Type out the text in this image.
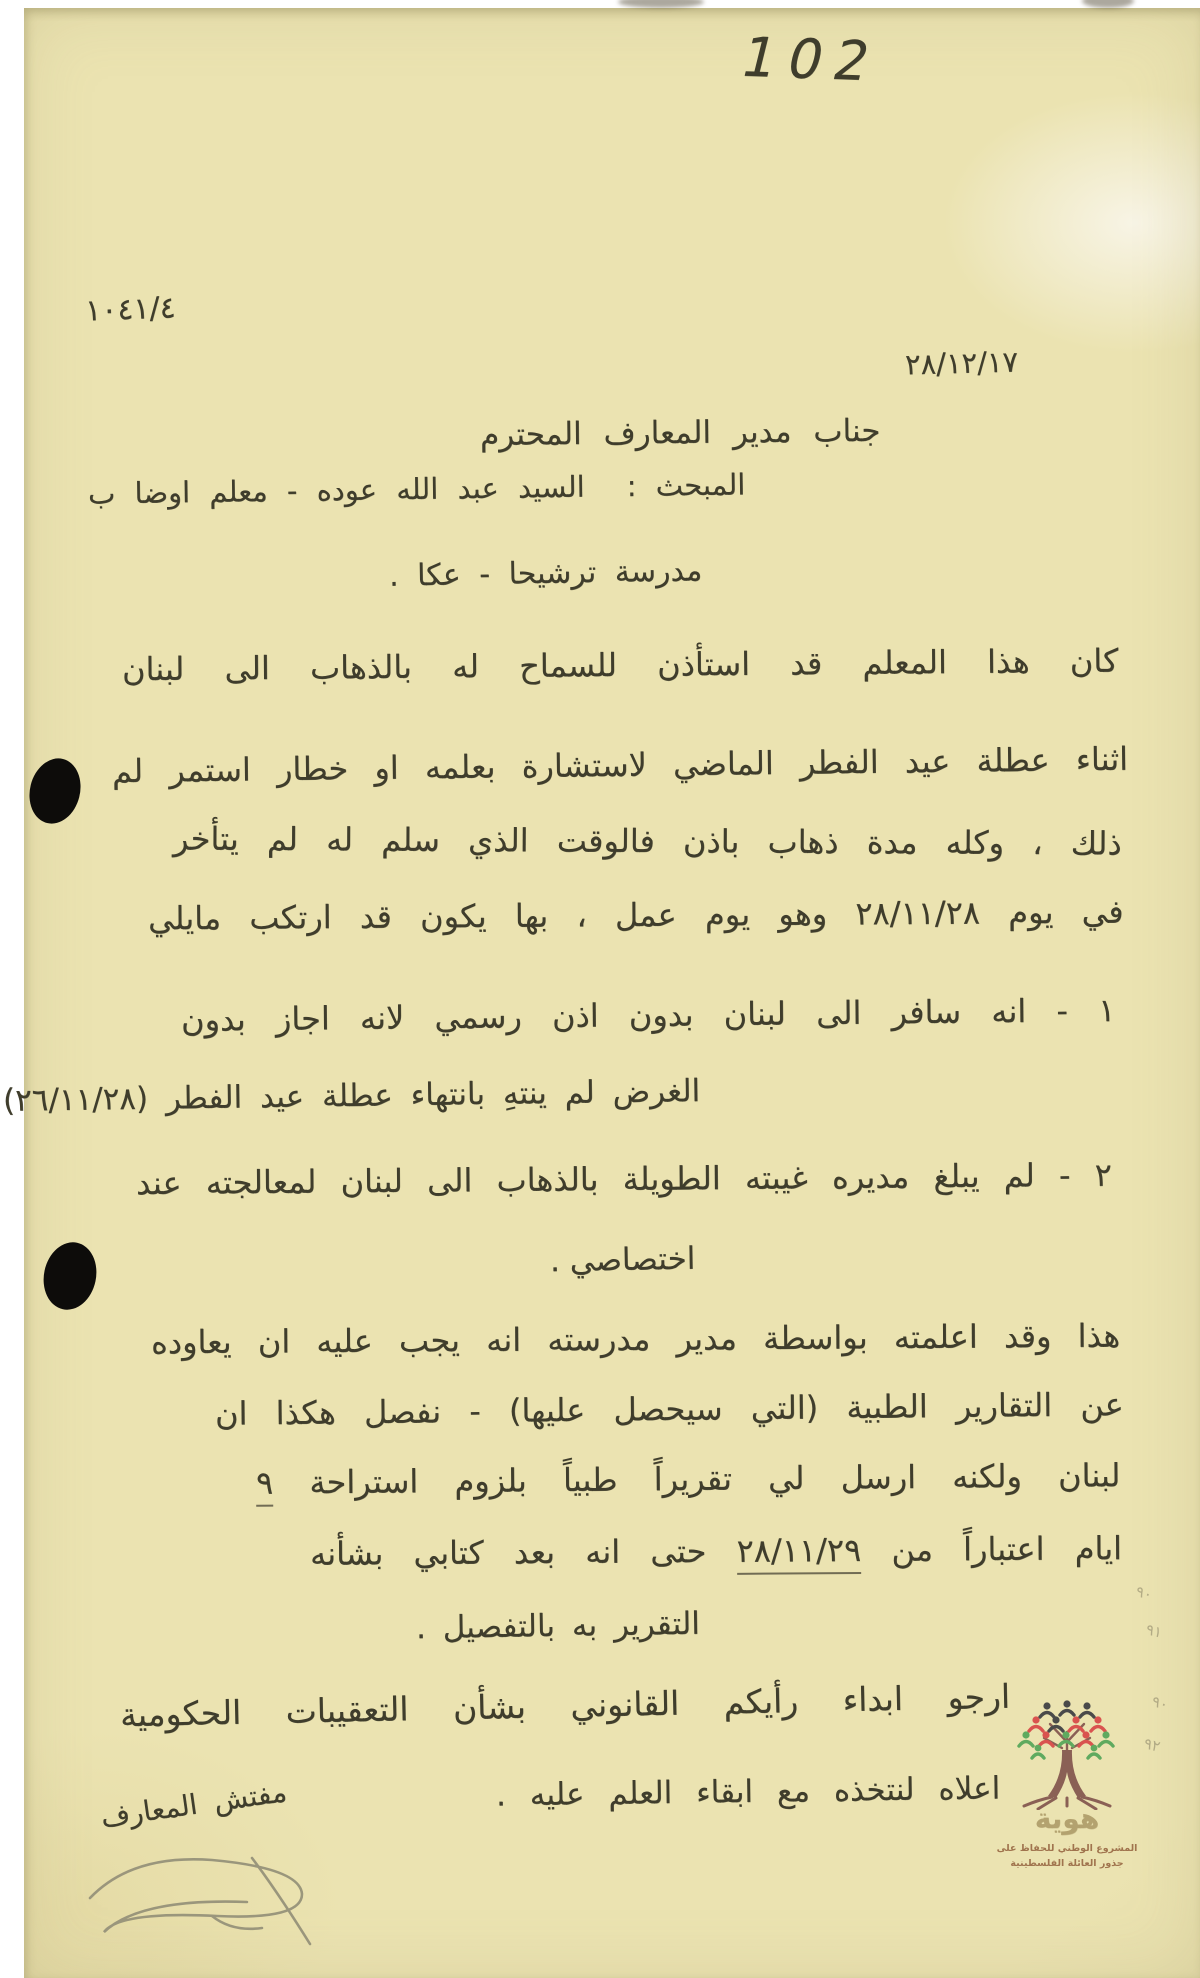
102
١٠٤١/٤
٢٨/١٢/١٧
جناب مدير المعارف المحترم
المبحث :السيد عبد الله عوده - معلم اوضا ب
مدرسة ترشيحا - عكا .
كان هذا المعلم قد استأذن للسماح له بالذهاب الى لبنان
اثناء عطلة عيد الفطر الماضي لاستشارة بعلمه او خطار استمر لم
ذلك ، وكله مدة ذهاب باذن فالوقت الذي سلم له لم يتأخر
في يوم ٢٨/١١/٢٨ وهو يوم عمل ، بها يكون قد ارتكب مايلي
١ - انه سافر الى لبنان بدون اذن رسمي لانه اجاز بدون
الغرض لم ينتهِ بانتهاء عطلة عيد الفطر (٢٦/١١/٢٨)
٢ - لم يبلغ مديره غيبته الطويلة بالذهاب الى لبنان لمعالجته عند
اختصاصي .
هذا وقد اعلمته بواسطة مدير مدرسته انه يجب عليه ان يعاوده
عن التقارير الطبية (التي سيحصل عليها) - نفصل هكذا ان
لبنان ولكنه ارسل لي تقريراً طبياً بلزوم استراحة ٩
ايام اعتباراً من ٢٨/١١/٢٩ حتى انه بعد كتابي بشأنه
التقرير به بالتفصيل .
ارجو ابداء رأيكم القانوني بشأن التعقيبات الحكومية
اعلاه لنتخذه مع ابقاء العلم عليه .
مفتش المعارف
٩٠
٩١
٩٠
٩٢
هوية
المشروع الوطني للحفاظ على
جذور العائلة الفلسطينية
